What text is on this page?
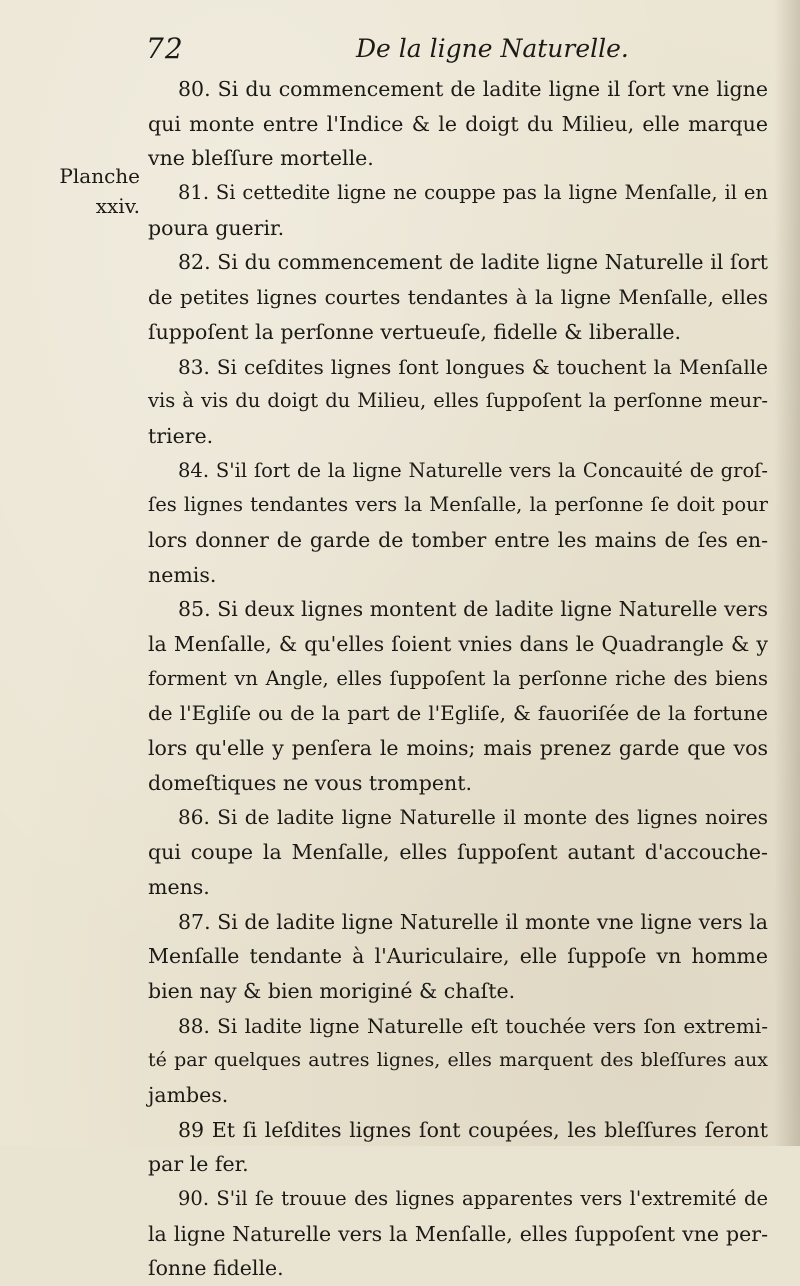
72	De la ligne Naturelle.
Planche
xxiv.
80. Si du commencement de ladite ligne il ſort vne ligne
qui monte entre l'Indice & le doigt du Milieu, elle marque
vne bleſſure mortelle.
81. Si cettedite ligne ne couppe pas la ligne Menſalle, il en
poura guerir.
82. Si du commencement de ladite ligne Naturelle il ſort
de petites lignes courtes tendantes à la ligne Menſalle, elles
ſuppoſent la perſonne vertueuſe, fidelle & liberalle.
83. Si ceſdites lignes ſont longues & touchent la Menſalle
vis à vis du doigt du Milieu, elles ſuppoſent la perſonne meur-
triere.
84. S'il ſort de la ligne Naturelle vers la Concauité de groſ-
ſes lignes tendantes vers la Menſalle, la perſonne ſe doit pour
lors donner de garde de tomber entre les mains de ſes en-
nemis.
85. Si deux lignes montent de ladite ligne Naturelle vers
la Menſalle, & qu'elles ſoient vnies dans le Quadrangle & y
forment vn Angle, elles ſuppoſent la perſonne riche des biens
de l'Egliſe ou de la part de l'Egliſe, & fauoriſée de la fortune
lors qu'elle y penſera le moins; mais prenez garde que vos
domeſtiques ne vous trompent.
86. Si de ladite ligne Naturelle il monte des lignes noires
qui coupe la Menſalle, elles ſuppoſent autant d'accouche-
mens.
87. Si de ladite ligne Naturelle il monte vne ligne vers la
Menſalle tendante à l'Auriculaire, elle ſuppoſe vn homme
bien nay & bien moriginé & chaſte.
88. Si ladite ligne Naturelle eſt touchée vers ſon extremi-
té par quelques autres lignes, elles marquent des bleſſures aux
jambes.
89 Et ſi leſdites lignes ſont coupées, les bleſſures ſeront
par le fer.
90. S'il ſe trouue des lignes apparentes vers l'extremité de
la ligne Naturelle vers la Menſalle, elles ſuppoſent vne per-
ſonne fidelle.
